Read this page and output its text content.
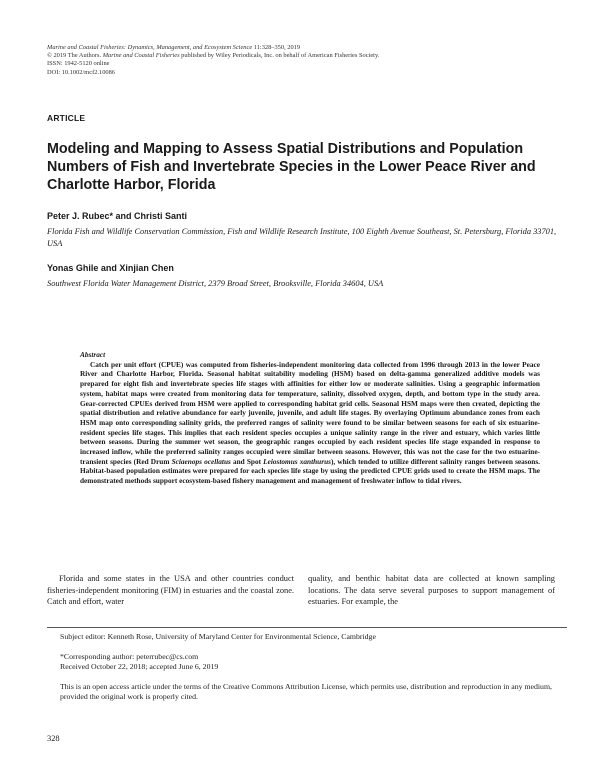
Marine and Coastal Fisheries: Dynamics, Management, and Ecosystem Science 11:328–350, 2019
© 2019 The Authors. Marine and Coastal Fisheries published by Wiley Periodicals, Inc. on behalf of American Fisheries Society.
ISSN: 1942-5120 online
DOI: 10.1002/mcf2.10086
ARTICLE
Modeling and Mapping to Assess Spatial Distributions and Population Numbers of Fish and Invertebrate Species in the Lower Peace River and Charlotte Harbor, Florida
Peter J. Rubec* and Christi Santi
Florida Fish and Wildlife Conservation Commission, Fish and Wildlife Research Institute, 100 Eighth Avenue Southeast, St. Petersburg, Florida 33701, USA
Yonas Ghile and Xinjian Chen
Southwest Florida Water Management District, 2379 Broad Street, Brooksville, Florida 34604, USA
Abstract
Catch per unit effort (CPUE) was computed from fisheries-independent monitoring data collected from 1996 through 2013 in the lower Peace River and Charlotte Harbor, Florida. Seasonal habitat suitability modeling (HSM) based on delta-gamma generalized additive models was prepared for eight fish and invertebrate species life stages with affinities for either low or moderate salinities. Using a geographic information system, habitat maps were created from monitoring data for temperature, salinity, dissolved oxygen, depth, and bottom type in the study area. Gear-corrected CPUEs derived from HSM were applied to corresponding habitat grid cells. Seasonal HSM maps were then created, depicting the spatial distribution and relative abundance for early juvenile, juvenile, and adult life stages. By overlaying Optimum abundance zones from each HSM map onto corresponding salinity grids, the preferred ranges of salinity were found to be similar between seasons for each of six estuarine-resident species life stages. This implies that each resident species occupies a unique salinity range in the river and estuary, which varies little between seasons. During the summer wet season, the geographic ranges occupied by each resident species life stage expanded in response to increased inflow, while the preferred salinity ranges occupied were similar between seasons. However, this was not the case for the two estuarine-transient species (Red Drum Sciaenops ocellatus and Spot Leiostomus xanthurus), which tended to utilize different salinity ranges between seasons. Habitat-based population estimates were prepared for each species life stage by using the predicted CPUE grids used to create the HSM maps. The demonstrated methods support ecosystem-based fishery management and management of freshwater inflow to tidal rivers.
Florida and some states in the USA and other countries conduct fisheries-independent monitoring (FIM) in estuaries and the coastal zone. Catch and effort, water
quality, and benthic habitat data are collected at known sampling locations. The data serve several purposes to support management of estuaries. For example, the
Subject editor: Kenneth Rose, University of Maryland Center for Environmental Science, Cambridge
*Corresponding author: peterrubec@cs.com
Received October 22, 2018; accepted June 6, 2019
This is an open access article under the terms of the Creative Commons Attribution License, which permits use, distribution and reproduction in any medium, provided the original work is properly cited.
328
